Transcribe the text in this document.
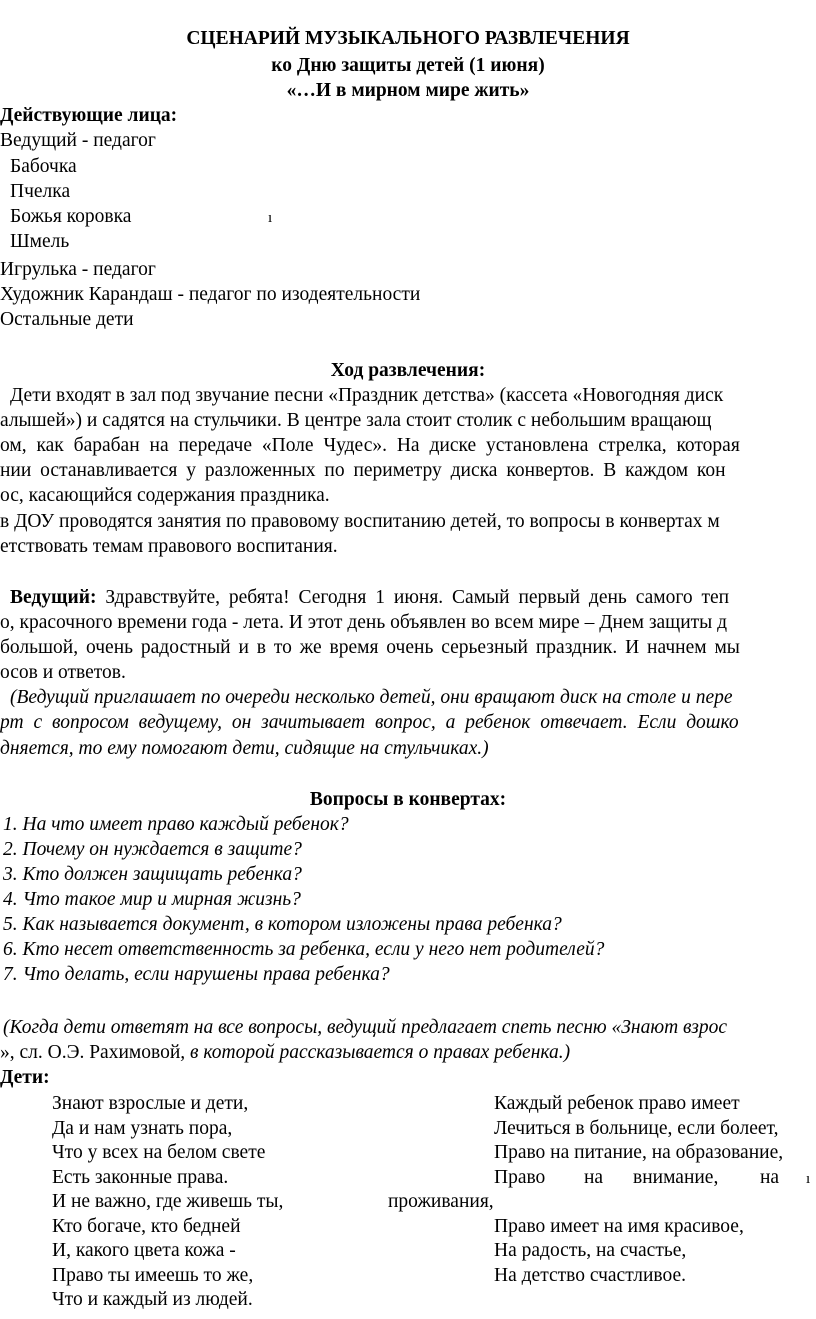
СЦЕНАРИЙ МУЗЫКАЛЬНОГО РАЗВЛЕЧЕНИЯ
ко Дню защиты детей (1 июня)
«…И в мирном мире жить»
Действующие лица:
Ведущий - педагог
Бабочка
Пчелка
Божья коровка	ı
Шмель
Игрулька - педагог
Художник Карандаш - педагог по изодеятельности
Остальные дети
Ход развлечения:
Дети входят в зал под звучание песни «Праздник детства» (кассета «Новогодняя диск
алышей») и садятся на стульчики. В центре зала стоит столик с небольшим вращающ
ом, как барабан на передаче «Поле Чудес». На диске установлена стрелка, которая
нии останавливается у разложенных по периметру диска конвертов. В каждом кон
ос, касающийся содержания праздника.
в ДОУ проводятся занятия по правовому воспитанию детей, то вопросы в конвертах м
етствовать темам правового воспитания.
Ведущий: Здравствуйте, ребята! Сегодня 1 июня. Самый первый день самого теп
о, красочного времени года - лета. И этот день объявлен во всем мире – Днем защиты д
большой, очень радостный и в то же время очень серьезный праздник. И начнем мы
осов и ответов.
(Ведущий приглашает по очереди несколько детей, они вращают диск на столе и пере
рт с вопросом ведущему, он зачитывает вопрос, а ребенок отвечает. Если дошко
дняется, то ему помогают дети, сидящие на стульчиках.)
Вопросы в конвертах:
1. На что имеет право каждый ребенок?
2. Почему он нуждается в защите?
3. Кто должен защищать ребенка?
4. Что такое мир и мирная жизнь?
5. Как называется документ, в котором изложены права ребенка?
6. Кто несет ответственность за ребенка, если у него нет родителей?
7. Что делать, если нарушены права ребенка?
(Когда дети ответят на все вопросы, ведущий предлагает спеть песню «Знают взрос
», сл. О.Э. Рахимовой, в которой рассказывается о правах ребенка.)
Дети:
Знают взрослые и дети,
Да и нам узнать пора,
Что у всех на белом свете
Есть законные права.
И не важно, где живешь ты,
Кто богаче, кто бедней
И, какого цвета кожа -
Право ты имеешь то же,
Что и каждый из людей.
Каждый ребенок право имеет
Лечиться в больнице, если болеет,
Право на питание, на образование,
Право на внимание, на ı
проживания,
Право имеет на имя красивое,
На радость, на счастье,
На детство счастливое.
